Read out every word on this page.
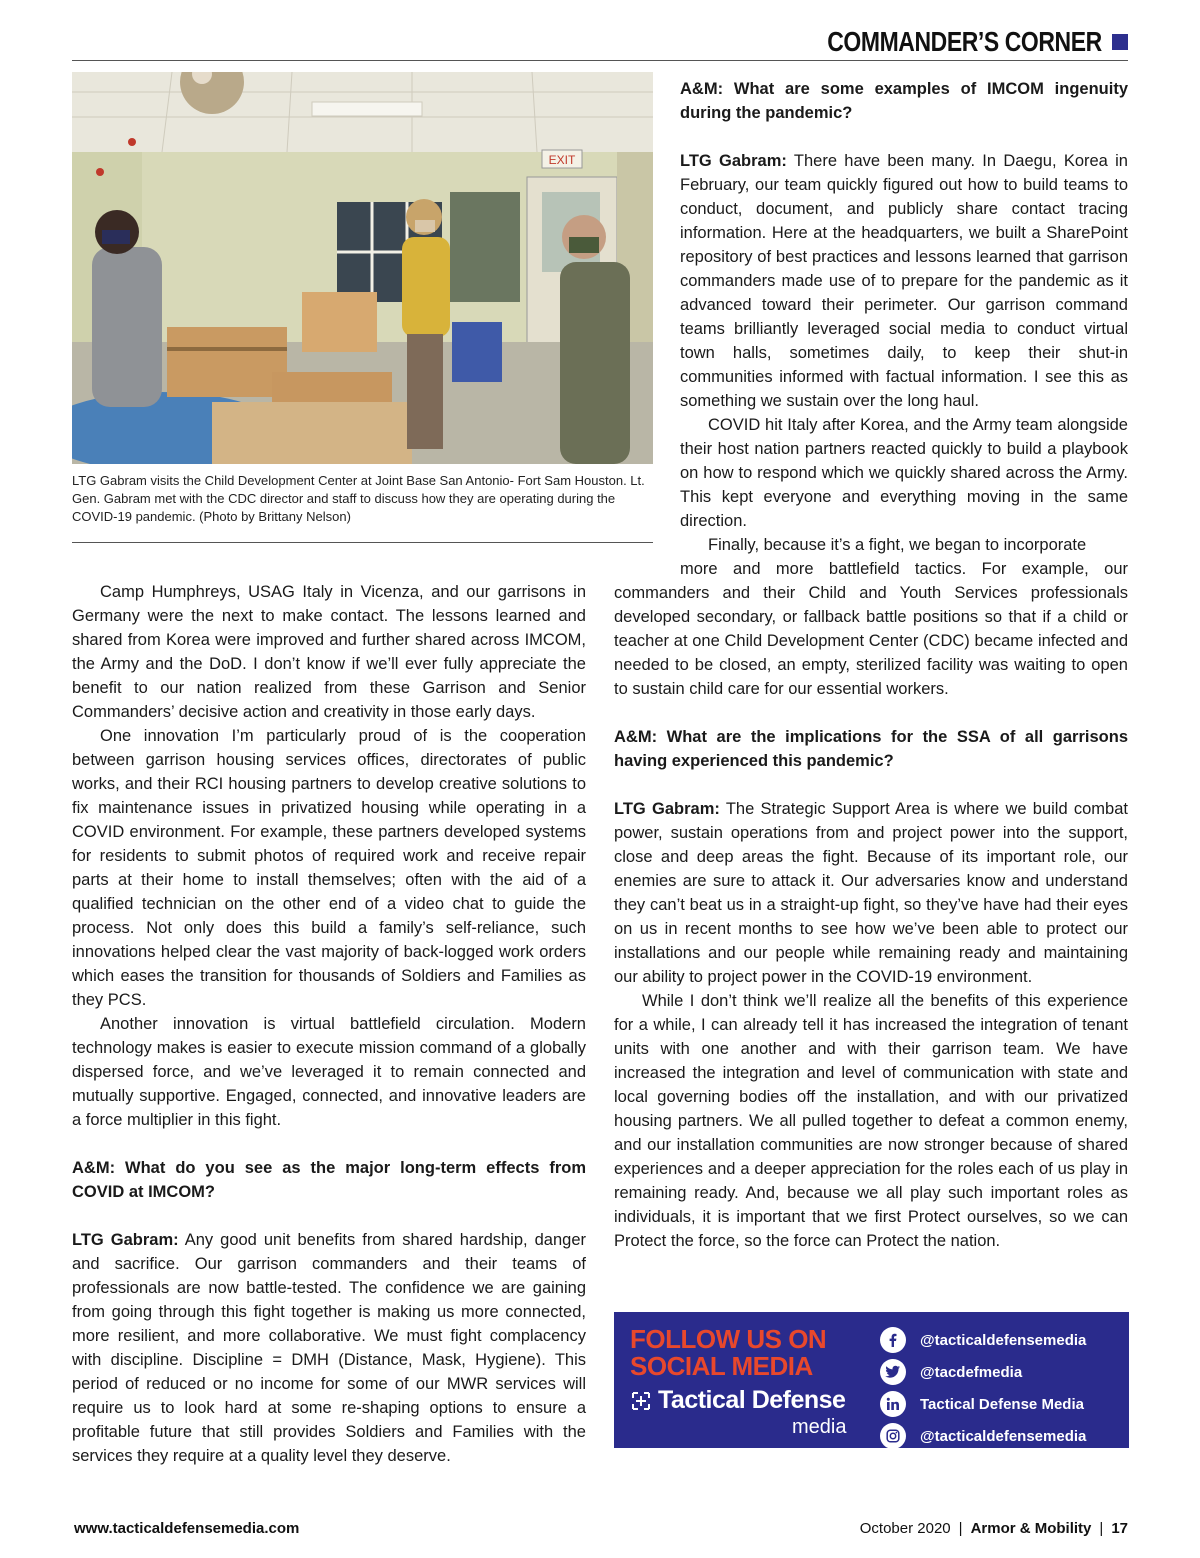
COMMANDER’S CORNER
EXIT
LTG Gabram visits the Child Development Center at Joint Base San Antonio- Fort Sam Houston. Lt. Gen. Gabram met with the CDC director and staff to discuss how they are operating during the COVID-19 pandemic. (Photo by Brittany Nelson)

A&M: What are some examples of IMCOM ingenuity during the pandemic?

LTG Gabram: There have been many. In Daegu, Korea in February, our team quickly figured out how to build teams to conduct, document, and publicly share contact tracing information. Here at the headquarters, we built a SharePoint repository of best practices and lessons learned that garrison commanders made use of to prepare for the pandemic as it advanced toward their perimeter. Our garrison command teams brilliantly leveraged social media to conduct virtual town halls, sometimes daily, to keep their shut-in communities informed with factual information. I see this as something we sustain over the long haul.

COVID hit Italy after Korea, and the Army team alongside their host nation partners reacted quickly to build a playbook on how to respond which we quickly shared across the Army. This kept everyone and everything moving in the same direction.

Finally, because it’s a fight, we began to incorporate

more and more battlefield tactics. For example, our commanders and their Child and Youth Services professionals developed secondary, or fallback battle positions so that if a child or teacher at one Child Development Center (CDC) became infected and needed to be closed, an empty, sterilized facility was waiting to open to sustain child care for our essential workers.

A&M: What are the implications for the SSA of all garrisons having experienced this pandemic?

LTG Gabram: The Strategic Support Area is where we build combat power, sustain operations from and project power into the support, close and deep areas the fight. Because of its important role, our enemies are sure to attack it. Our adversaries know and understand they can’t beat us in a straight-up fight, so they’ve have had their eyes on us in recent months to see how we’ve been able to protect our installations and our people while remaining ready and maintaining our ability to project power in the COVID-19 environment.

While I don’t think we’ll realize all the benefits of this experience for a while, I can already tell it has increased the integration of tenant units with one another and with their garrison team. We have increased the integration and level of communication with state and local governing bodies off the installation, and with our privatized housing partners. We all pulled together to defeat a common enemy, and our installation communities are now stronger because of shared experiences and a deeper appreciation for the roles each of us play in remaining ready. And, because we all play such important roles as individuals, it is important that we first Protect ourselves, so we can Protect the force, so the force can Protect the nation.

Camp Humphreys, USAG Italy in Vicenza, and our garrisons in Germany were the next to make contact. The lessons learned and shared from Korea were improved and further shared across IMCOM, the Army and the DoD. I don’t know if we’ll ever fully appreciate the benefit to our nation realized from these Garrison and Senior Commanders’ decisive action and creativity in those early days.

One innovation I’m particularly proud of is the cooperation between garrison housing services offices, directorates of public works, and their RCI housing partners to develop creative solutions to fix maintenance issues in privatized housing while operating in a COVID environment. For example, these partners developed systems for residents to submit photos of required work and receive repair parts at their home to install themselves; often with the aid of a qualified technician on the other end of a video chat to guide the process. Not only does this build a family’s self-reliance, such innovations helped clear the vast majority of back-logged work orders which eases the transition for thousands of Soldiers and Families as they PCS.

Another innovation is virtual battlefield circulation. Modern technology makes is easier to execute mission command of a globally dispersed force, and we’ve leveraged it to remain connected and mutually supportive. Engaged, connected, and innovative leaders are a force multiplier in this fight.

A&M: What do you see as the major long-term effects from COVID at IMCOM?

LTG Gabram: Any good unit benefits from shared hardship, danger and sacrifice. Our garrison commanders and their teams of professionals are now battle-tested. The confidence we are gaining from going through this fight together is making us more connected, more resilient, and more collaborative. We must fight complacency with discipline. Discipline = DMH (Distance, Mask, Hygiene). This period of reduced or no income for some of our MWR services will require us to look hard at some re-shaping options to ensure a profitable future that still provides Soldiers and Families with the services they require at a quality level they deserve.

FOLLOW US ON
SOCIAL MEDIA
Tactical Defense
media
@tacticaldefensemedia
@tacdefmedia
Tactical Defense Media
@tacticaldefensemedia
www.tacticaldefensemedia.com	October 2020 | Armor & Mobility | 17
